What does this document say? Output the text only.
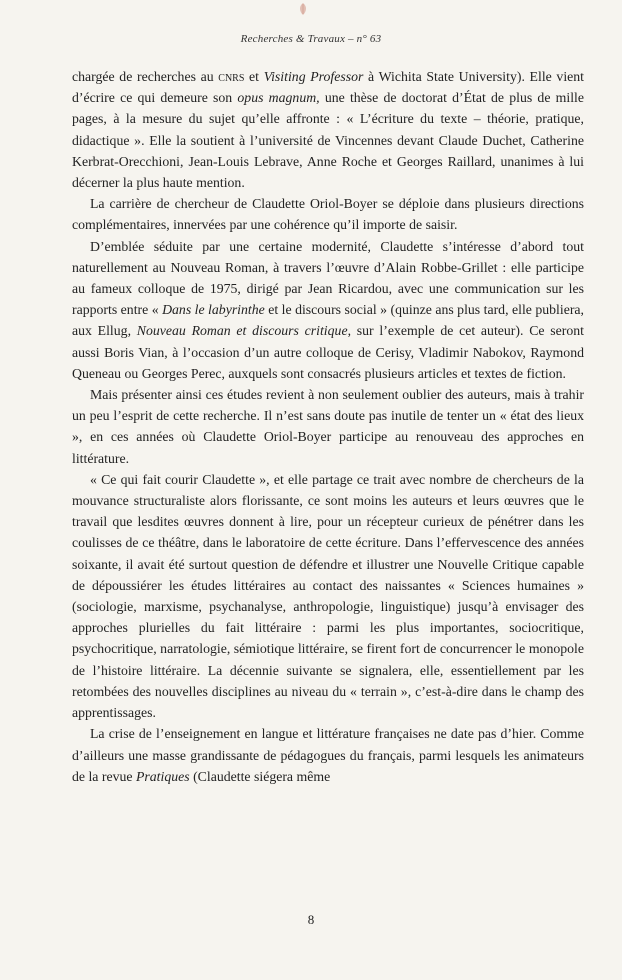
Recherches & Travaux – n° 63

chargée de recherches au cnrs et Visiting Professor à Wichita State University). Elle vient d’écrire ce qui demeure son opus magnum, une thèse de doctorat d’État de plus de mille pages, à la mesure du sujet qu’elle affronte : « L’écriture du texte – théorie, pratique, didactique ». Elle la soutient à l’université de Vincennes devant Claude Duchet, Catherine Kerbrat-Orecchioni, Jean-Louis Lebrave, Anne Roche et Georges Raillard, unanimes à lui décerner la plus haute mention.

La carrière de chercheur de Claudette Oriol-Boyer se déploie dans plusieurs directions complémentaires, innervées par une cohérence qu’il importe de saisir.

D’emblée séduite par une certaine modernité, Claudette s’intéresse d’abord tout naturellement au Nouveau Roman, à travers l’œuvre d’Alain Robbe-Grillet : elle participe au fameux colloque de 1975, dirigé par Jean Ricardou, avec une communication sur les rapports entre « Dans le labyrinthe et le discours social » (quinze ans plus tard, elle publiera, aux Ellug, Nouveau Roman et discours critique, sur l’exemple de cet auteur). Ce seront aussi Boris Vian, à l’occasion d’un autre colloque de Cerisy, Vladimir Nabokov, Raymond Queneau ou Georges Perec, auxquels sont consacrés plusieurs articles et textes de fiction.

Mais présenter ainsi ces études revient à non seulement oublier des auteurs, mais à trahir un peu l’esprit de cette recherche. Il n’est sans doute pas inutile de tenter un « état des lieux », en ces années où Claudette Oriol-Boyer participe au renouveau des approches en littérature.

« Ce qui fait courir Claudette », et elle partage ce trait avec nombre de chercheurs de la mouvance structuraliste alors florissante, ce sont moins les auteurs et leurs œuvres que le travail que lesdites œuvres donnent à lire, pour un récepteur curieux de pénétrer dans les coulisses de ce théâtre, dans le laboratoire de cette écriture. Dans l’effervescence des années soixante, il avait été surtout question de défendre et illustrer une Nouvelle Critique capable de dépoussiérer les études littéraires au contact des naissantes « Sciences humaines » (sociologie, marxisme, psychanalyse, anthropologie, linguistique) jusqu’à envisager des approches plurielles du fait littéraire : parmi les plus importantes, sociocritique, psychocritique, narratologie, sémiotique littéraire, se firent fort de concurrencer le monopole de l’histoire littéraire. La décennie suivante se signalera, elle, essentiellement par les retombées des nouvelles disciplines au niveau du « terrain », c’est-à-dire dans le champ des apprentissages.

La crise de l’enseignement en langue et littérature françaises ne date pas d’hier. Comme d’ailleurs une masse grandissante de pédagogues du français, parmi lesquels les animateurs de la revue Pratiques (Claudette siégera même

8
